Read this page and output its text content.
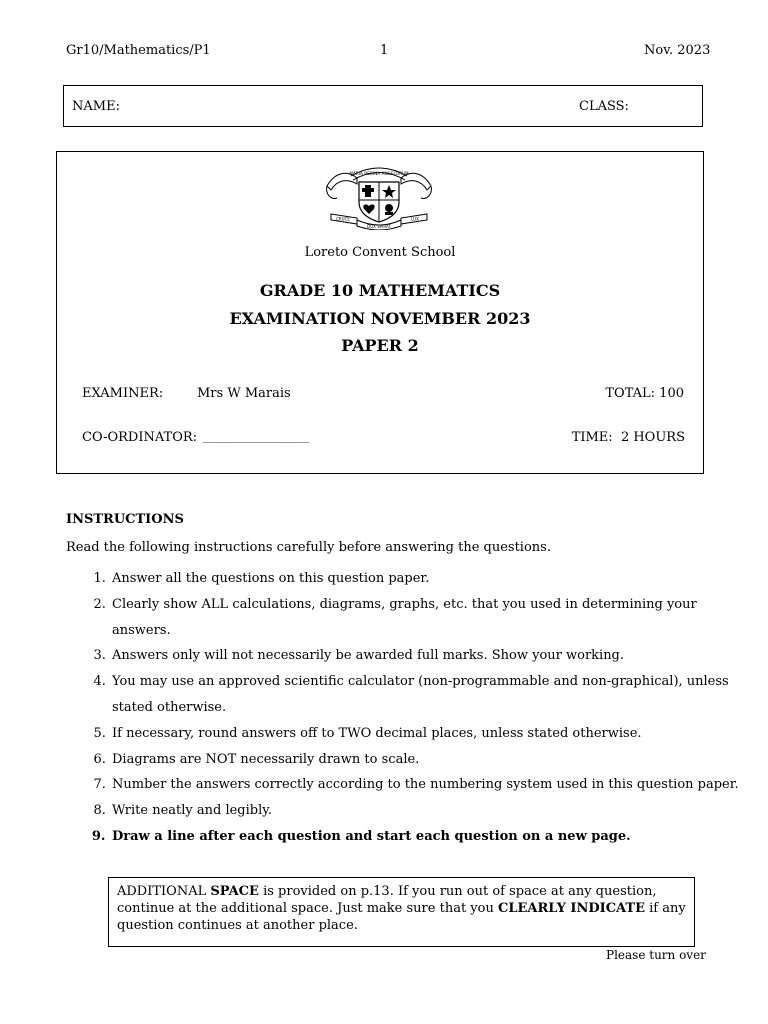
Gr10/Mathematics/P1	1	Nov. 2023
NAME:	CLASS:
MARIA REGINA ANGELORUM
CRUCE
DUX SPIRAT
LUX
Loreto Convent School
GRADE 10 MATHEMATICS
EXAMINATION NOVEMBER 2023
PAPER 2
EXAMINER:	Mrs W Marais	TOTAL: 100
CO-ORDINATOR: ________________	TIME:  2 HOURS
INSTRUCTIONS
Read the following instructions carefully before answering the questions.
1. Answer all the questions on this question paper.
2. Clearly show ALL calculations, diagrams, graphs, etc. that you used in determining your answers.
3. Answers only will not necessarily be awarded full marks. Show your working.
4. You may use an approved scientific calculator (non-programmable and non-graphical), unless stated otherwise.
5. If necessary, round answers off to TWO decimal places, unless stated otherwise.
6. Diagrams are NOT necessarily drawn to scale.
7. Number the answers correctly according to the numbering system used in this question paper.
8. Write neatly and legibly.
9. Draw a line after each question and start each question on a new page.
ADDITIONAL SPACE is provided on p.13. If you run out of space at any question, continue at the additional space. Just make sure that you CLEARLY INDICATE if any question continues at another place.
Please turn over
